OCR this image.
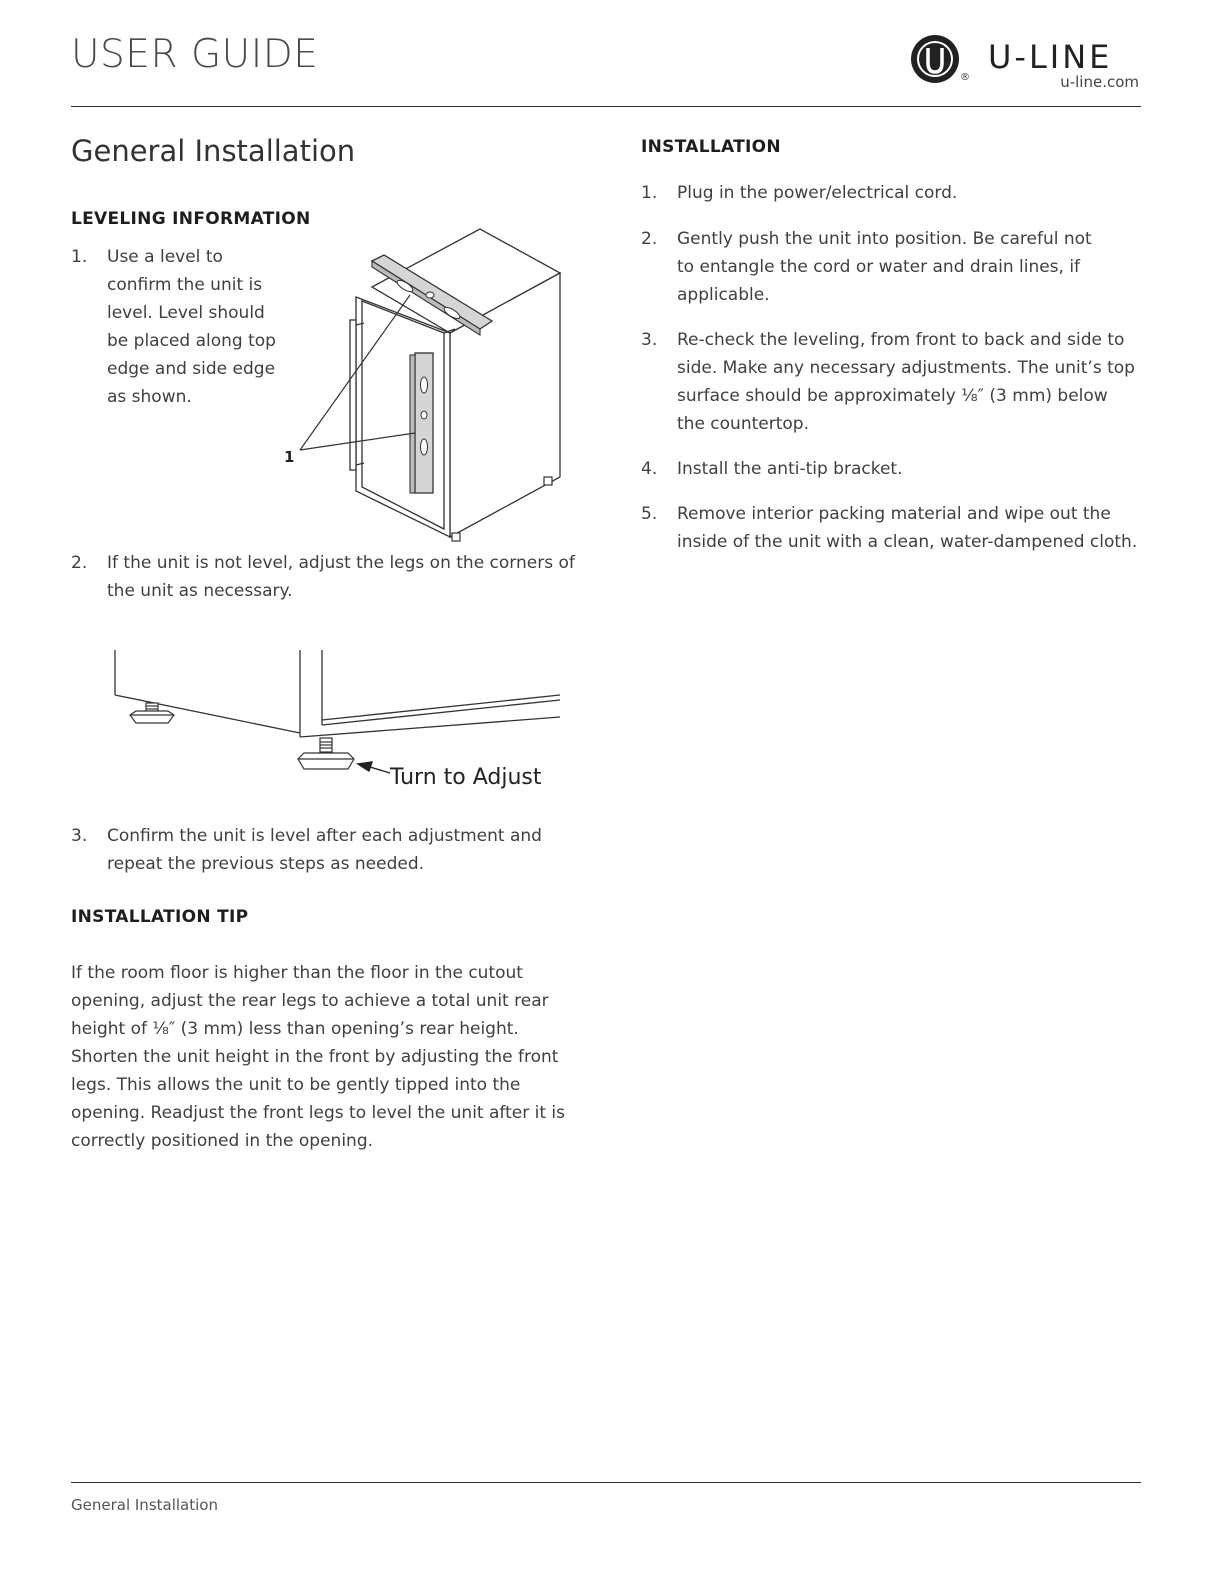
USER GUIDE
®
U-LINE
u-line.com
General Installation
LEVELING INFORMATION
1. Use a level to
confirm the unit is
level. Level should
be placed along top
edge and side edge
as shown.
1
2. If the unit is not level, adjust the legs on the corners of
the unit as necessary.
Turn to Adjust
3. Confirm the unit is level after each adjustment and
repeat the previous steps as needed.
INSTALLATION TIP
If the room floor is higher than the floor in the cutout
opening, adjust the rear legs to achieve a total unit rear
height of ⅛″ (3 mm) less than opening’s rear height.
Shorten the unit height in the front by adjusting the front
legs. This allows the unit to be gently tipped into the
opening. Readjust the front legs to level the unit after it is
correctly positioned in the opening.
INSTALLATION
1. Plug in the power/electrical cord.
2. Gently push the unit into position. Be careful not
to entangle the cord or water and drain lines, if
applicable.
3. Re-check the leveling, from front to back and side to
side. Make any necessary adjustments. The unit’s top
surface should be approximately ⅛″ (3 mm) below
the countertop.
4. Install the anti-tip bracket.
5. Remove interior packing material and wipe out the
inside of the unit with a clean, water-dampened cloth.
General Installation
